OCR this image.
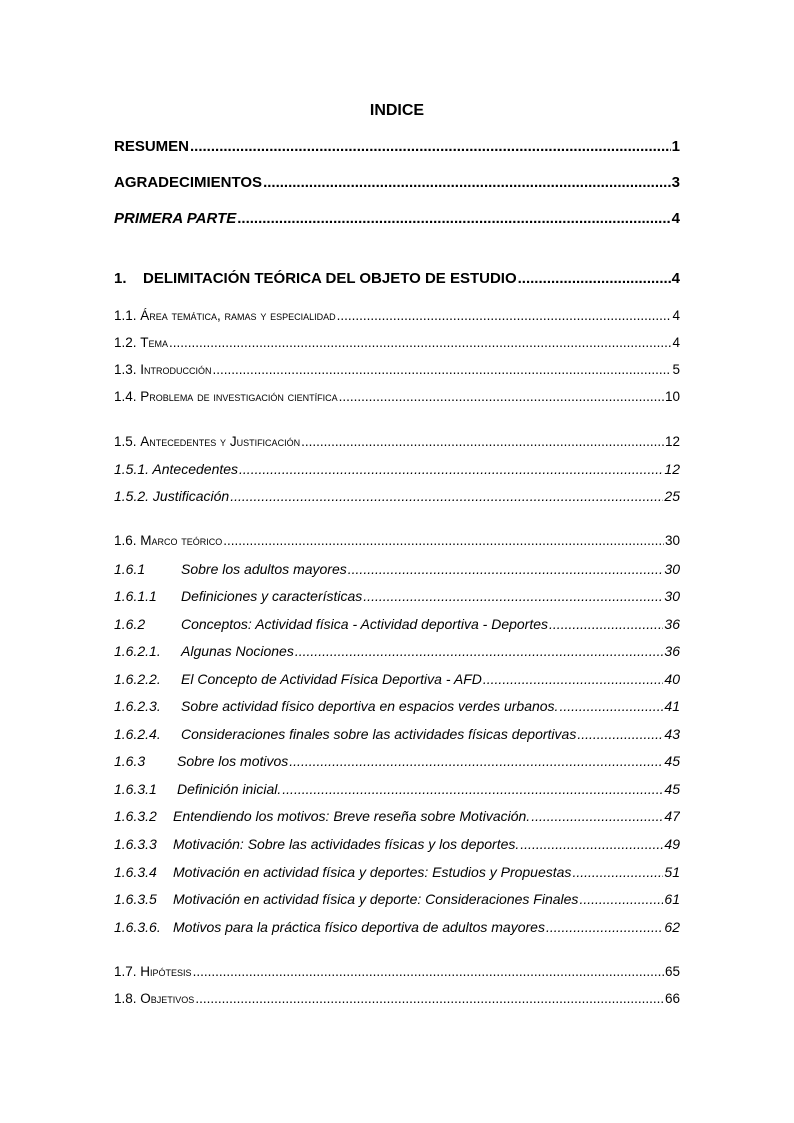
INDICE
RESUMEN .....	1
AGRADECIMIENTOS .....	3
PRIMERA PARTE .....	4
1. DELIMITACIÓN TEÓRICA DEL OBJETO DE ESTUDIO .....	4
1.1. Área temática, ramas y especialidad .....	4
1.2. Tema .....	4
1.3. Introducción .....	5
1.4. Problema de investigación científica .....	10
1.5. Antecedentes y Justificación .....	12
1.5.1. Antecedentes .....	12
1.5.2. Justificación .....	25
1.6. Marco teórico .....	30
1.6.1	Sobre los adultos mayores .....	30
1.6.1.1 Definiciones y características .....	30
1.6.2	Conceptos: Actividad física - Actividad deportiva - Deportes .....	36
1.6.2.1. Algunas Nociones .....	36
1.6.2.2. El Concepto de Actividad Física Deportiva - AFD .....	40
1.6.2.3. Sobre actividad físico deportiva en espacios verdes urbanos. .....	41
1.6.2.4. Consideraciones finales sobre las actividades físicas deportivas .....	43
1.6.3 Sobre los motivos .....	45
1.6.3.1 Definición inicial. .....	45
1.6.3.2 Entendiendo los motivos: Breve reseña sobre Motivación. .....	47
1.6.3.3 Motivación: Sobre las actividades físicas y los deportes. .....	49
1.6.3.4 Motivación en actividad física y deportes: Estudios y Propuestas .....	51
1.6.3.5 Motivación en actividad física y deporte: Consideraciones Finales .....	61
1.6.3.6. Motivos para la práctica físico deportiva de adultos mayores .....	62
1.7. Hipótesis .....	65
1.8. Objetivos .....	66
